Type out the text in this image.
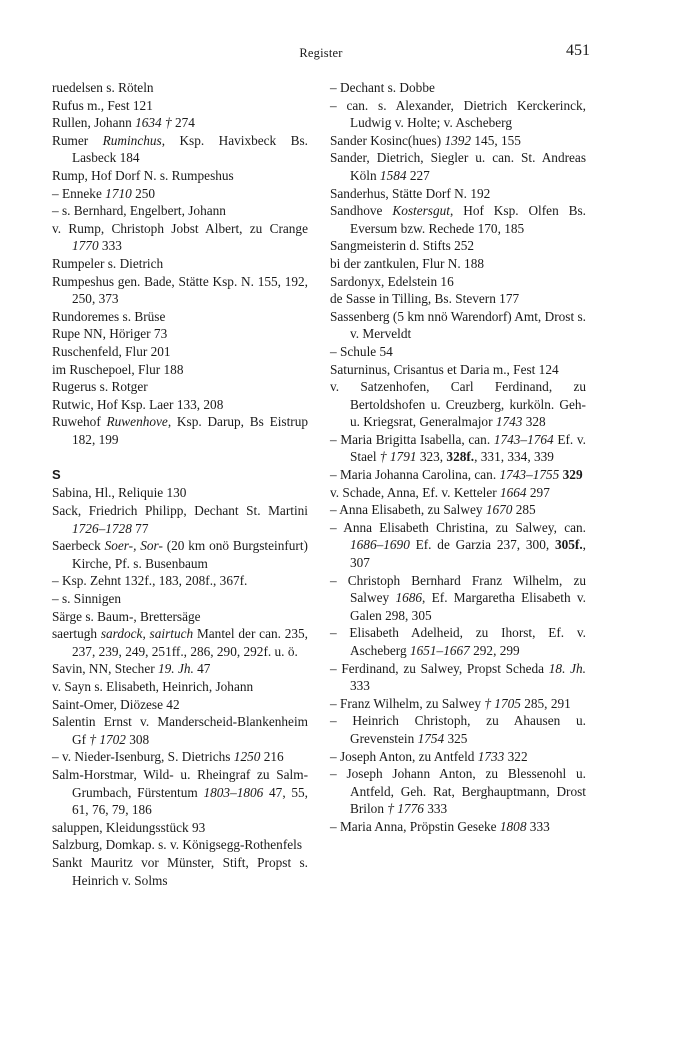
Register	451
ruedelsen s. Röteln
Rufus m., Fest 121
Rullen, Johann 1634 † 274
Rumer Ruminchus, Ksp. Havixbeck Bs. Lasbeck 184
Rump, Hof Dorf N. s. Rumpeshus
– Enneke 1710 250
– s. Bernhard, Engelbert, Johann
v. Rump, Christoph Jobst Albert, zu Crange 1770 333
Rumpeler s. Dietrich
Rumpeshus gen. Bade, Stätte Ksp. N. 155, 192, 250, 373
Rundoremes s. Brüse
Rupe NN, Höriger 73
Ruschenfeld, Flur 201
im Ruschepoel, Flur 188
Rugerus s. Rotger
Rutwic, Hof Ksp. Laer 133, 208
Ruwehof Ruwenhove, Ksp. Darup, Bs Eistrup 182, 199
S
Sabina, Hl., Reliquie 130
Sack, Friedrich Philipp, Dechant St. Martini 1726–1728 77
Saerbeck Soer-, Sor- (20 km onö Burgsteinfurt) Kirche, Pf. s. Busenbaum
– Ksp. Zehnt 132f., 183, 208f., 367f.
– s. Sinnigen
Särge s. Baum-, Brettersäge
saertugh sardock, sairtuch Mantel der can. 235, 237, 239, 249, 251ff., 286, 290, 292f. u. ö.
Savin, NN, Stecher 19. Jh. 47
v. Sayn s. Elisabeth, Heinrich, Johann
Saint-Omer, Diözese 42
Salentin Ernst v. Manderscheid-Blankenheim Gf † 1702 308
– v. Nieder-Isenburg, S. Dietrichs 1250 216
Salm-Horstmar, Wild- u. Rheingraf zu Salm-Grumbach, Fürstentum 1803–1806 47, 55, 61, 76, 79, 186
saluppen, Kleidungsstück 93
Salzburg, Domkap. s. v. Königsegg-Rothenfels
Sankt Mauritz vor Münster, Stift, Propst s. Heinrich v. Solms
– Dechant s. Dobbe
– can. s. Alexander, Dietrich Kerckerinck, Ludwig v. Holte; v. Ascheberg
Sander Kosinc(hues) 1392 145, 155
Sander, Dietrich, Siegler u. can. St. Andreas Köln 1584 227
Sanderhus, Stätte Dorf N. 192
Sandhove Kostersgut, Hof Ksp. Olfen Bs. Eversum bzw. Rechede 170, 185
Sangmeisterin d. Stifts 252
bi der zantkulen, Flur N. 188
Sardonyx, Edelstein 16
de Sasse in Tilling, Bs. Stevern 177
Sassenberg (5 km nnö Warendorf) Amt, Drost s. v. Merveldt
– Schule 54
Saturninus, Crisantus et Daria m., Fest 124
v. Satzenhofen, Carl Ferdinand, zu Bertoldshofen u. Creuzberg, kurköln. Geh- u. Kriegsrat, Generalmajor 1743 328
– Maria Brigitta Isabella, can. 1743–1764 Ef. v. Stael † 1791 323, 328f., 331, 334, 339
– Maria Johanna Carolina, can. 1743–1755 329
v. Schade, Anna, Ef. v. Ketteler 1664 297
– Anna Elisabeth, zu Salwey 1670 285
– Anna Elisabeth Christina, zu Salwey, can. 1686–1690 Ef. de Garzia 237, 300, 305f., 307
– Christoph Bernhard Franz Wilhelm, zu Salwey 1686, Ef. Margaretha Elisabeth v. Galen 298, 305
– Elisabeth Adelheid, zu Ihorst, Ef. v. Ascheberg 1651–1667 292, 299
– Ferdinand, zu Salwey, Propst Scheda 18. Jh. 333
– Franz Wilhelm, zu Salwey † 1705 285, 291
– Heinrich Christoph, zu Ahausen u. Grevenstein 1754 325
– Joseph Anton, zu Antfeld 1733 322
– Joseph Johann Anton, zu Blessenohl u. Antfeld, Geh. Rat, Berghauptmann, Drost Brilon † 1776 333
– Maria Anna, Pröpstin Geseke 1808 333
